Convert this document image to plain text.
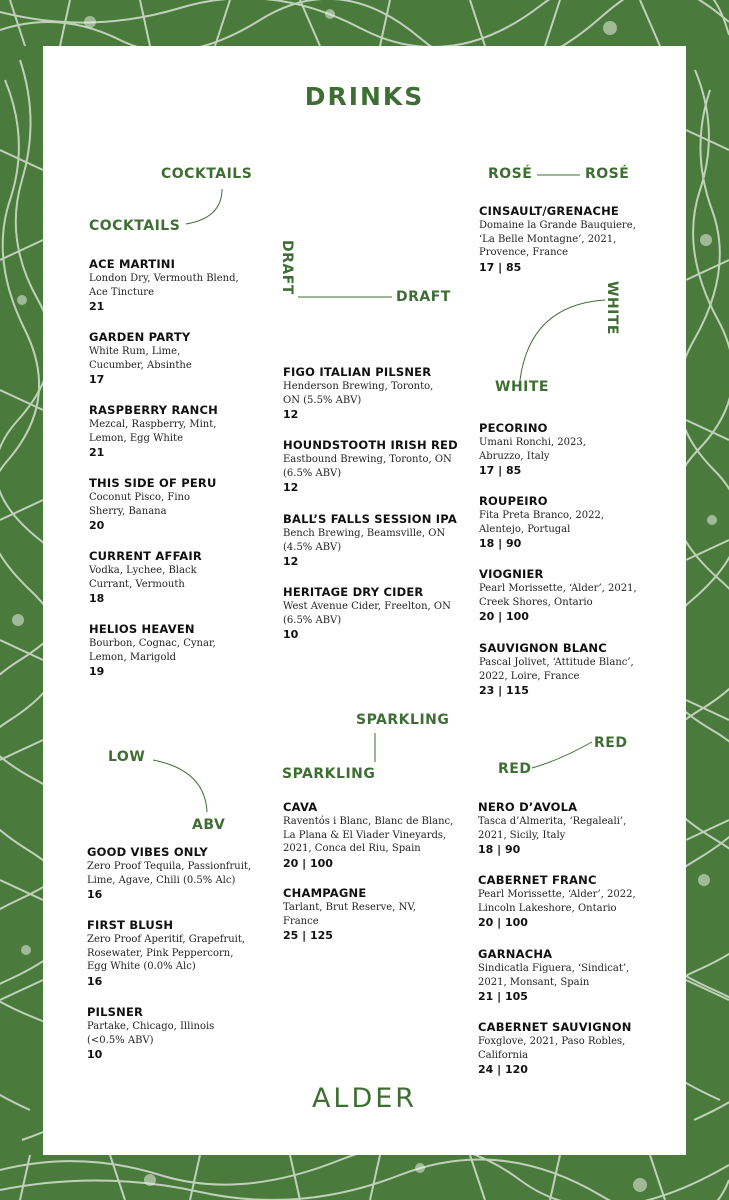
DRINKS
COCKTAILS
COCKTAILS
ACE MARTINI
London Dry, Vermouth Blend,
Ace Tincture
21
GARDEN PARTY
White Rum, Lime,
Cucumber, Absinthe
17
RASPBERRY RANCH
Mezcal, Raspberry, Mint,
Lemon, Egg White
21
THIS SIDE OF PERU
Coconut Pisco, Fino
Sherry, Banana
20
CURRENT AFFAIR
Vodka, Lychee, Black
Currant, Vermouth
18
HELIOS HEAVEN
Bourbon, Cognac, Cynar,
Lemon, Marigold
19
DRAFT
DRAFT
FIGO ITALIAN PILSNER
Henderson Brewing, Toronto,
ON (5.5% ABV)
12
HOUNDSTOOTH IRISH RED
Eastbound Brewing, Toronto, ON
(6.5% ABV)
12
BALL’S FALLS SESSION IPA
Bench Brewing, Beamsville, ON
(4.5% ABV)
12
HERITAGE DRY CIDER
West Avenue Cider, Freelton, ON
(6.5% ABV)
10
ROSÉ	ROSÉ
CINSAULT/GRENACHE
Domaine la Grande Bauquiere,
‘La Belle Montagne’, 2021,
Provence, France
17 | 85
WHITE
WHITE
PECORINO
Umani Ronchi, 2023,
Abruzzo, Italy
17 | 85
ROUPEIRO
Fita Preta Branco, 2022,
Alentejo, Portugal
18 | 90
VIOGNIER
Pearl Morissette, ‘Alder’, 2021,
Creek Shores, Ontario
20 | 100
SAUVIGNON BLANC
Pascal Jolivet, ‘Attitude Blanc’,
2022, Loire, France
23 | 115
LOW
ABV
GOOD VIBES ONLY
Zero Proof Tequila, Passionfruit,
Lime, Agave, Chili (0.5% Alc)
16
FIRST BLUSH
Zero Proof Aperitif, Grapefruit,
Rosewater, Pink Peppercorn,
Egg White (0.0% Alc)
16
PILSNER
Partake, Chicago, Illinois
(<0.5% ABV)
10
SPARKLING
SPARKLING
CAVA
Raventós i Blanc, Blanc de Blanc,
La Plana & El Viader Vineyards,
2021, Conca del Riu, Spain
20 | 100
CHAMPAGNE
Tarlant, Brut Reserve, NV,
France
25 | 125
RED
RED
NERO D’AVOLA
Tasca d’Almerita, ‘Regaleali’,
2021, Sicily, Italy
18 | 90
CABERNET FRANC
Pearl Morissette, ‘Alder’, 2022,
Lincoln Lakeshore, Ontario
20 | 100
GARNACHA
Sindicatla Figuera, ‘Sindicat’,
2021, Monsant, Spain
21 | 105
CABERNET SAUVIGNON
Foxglove, 2021, Paso Robles,
California
24 | 120
ALDER
